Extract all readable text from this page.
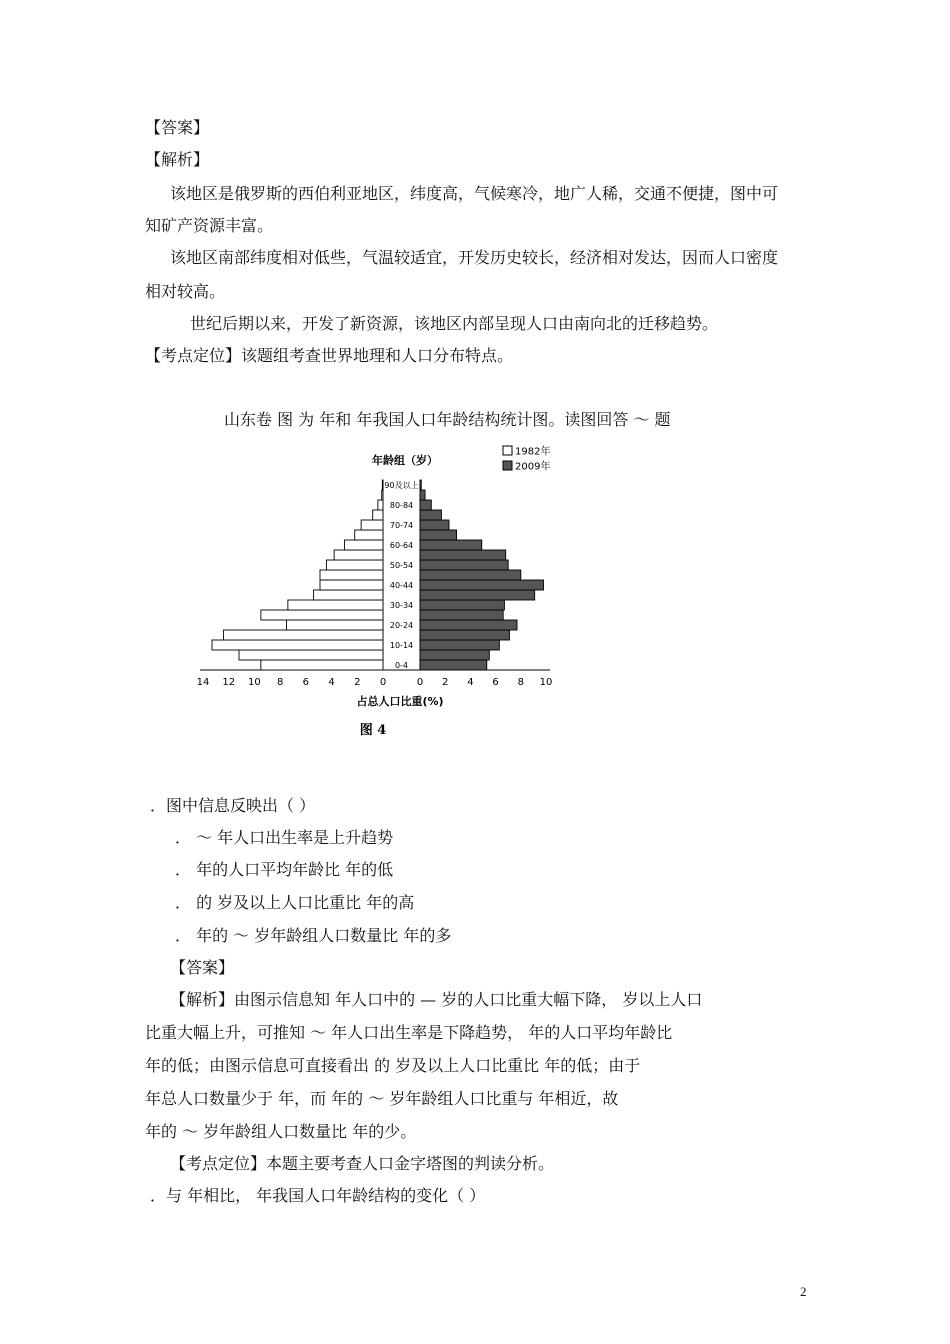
【答案】
【解析】
该地区是俄罗斯的西伯利亚地区，纬度高，气候寒冷，地广人稀，交通不便捷，图中可
知矿产资源丰富。
该地区南部纬度相对低些，气温较适宜，开发历史较长，经济相对发达，因而人口密度
相对较高。
世纪后期以来，开发了新资源，该地区内部呈现人口由南向北的迁移趋势。
【考点定位】该题组考查世界地理和人口分布特点。
山东卷 图 为 年和 年我国人口年龄结构统计图。读图回答 ～ 题
．图中信息反映出（ ）
． ～ 年人口出生率是上升趋势
． 年的人口平均年龄比 年的低
． 的 岁及以上人口比重比 年的高
． 年的 ～ 岁年龄组人口数量比 年的多
【答案】
【解析】由图示信息知 年人口中的 — 岁的人口比重大幅下降， 岁以上人口
比重大幅上升，可推知 ～ 年人口出生率是下降趋势， 年的人口平均年龄比
年的低；由图示信息可直接看出 的 岁及以上人口比重比 年的低；由于
年总人口数量少于 年，而 年的 ～ 岁年龄组人口比重与 年相近，故
年的 ～ 岁年龄组人口数量比 年的少。
【考点定位】本题主要考查人口金字塔图的判读分析。
．与 年相比， 年我国人口年龄结构的变化（ ）
0-4
10-14
20-24
30-34
40-44
50-54
60-64
70-74
80-84
90及以上
14 12 10 8 6 4 2 0	0 2 4 6 8 10
年龄组（岁）
1982年
2009年
占总人口比重(%)
图 4
2
